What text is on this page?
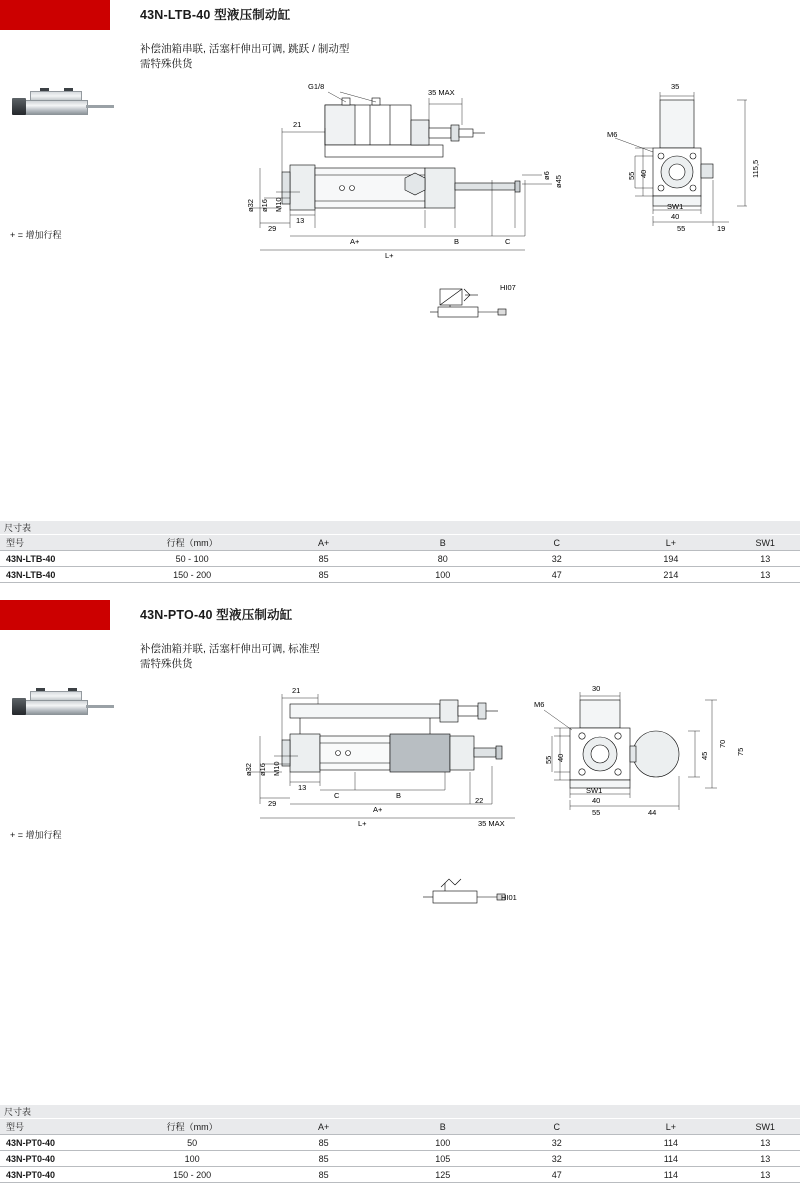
43N-LTB-40 型液压制动缸
补偿油箱串联, 活塞杆伸出可调, 跳跃 / 制动型
需特殊供货
+ = 增加行程
G1/8
35 MAX
21
13
29
A+	B	C
L+
ø32 ø16 M10
ø6 ø45
35
M6
55 40
SW1
40
55	19
115,5
HI07
尺寸表
型号	行程（mm）	A+	B	C	L+	SW1
43N-LTB-40	50 - 100	85	80	32	194	13
43N-LTB-40	150 - 200	85	100	47	214	13
43N-PTO-40 型液压制动缸
补偿油箱并联, 活塞杆伸出可调, 标准型
需特殊供货
+ = 增加行程
21
13
C	B
29
A+
22
L+	35 MAX
ø32 ø16 M10
M6
30
55 40
SW1
40
55	44
45
70
75
HI01
尺寸表
型号	行程（mm）	A+	B	C	L+	SW1
43N-PT0-40	50	85	100	32	114	13
43N-PT0-40	100	85	105	32	114	13
43N-PT0-40	150 - 200	85	125	47	114	13
